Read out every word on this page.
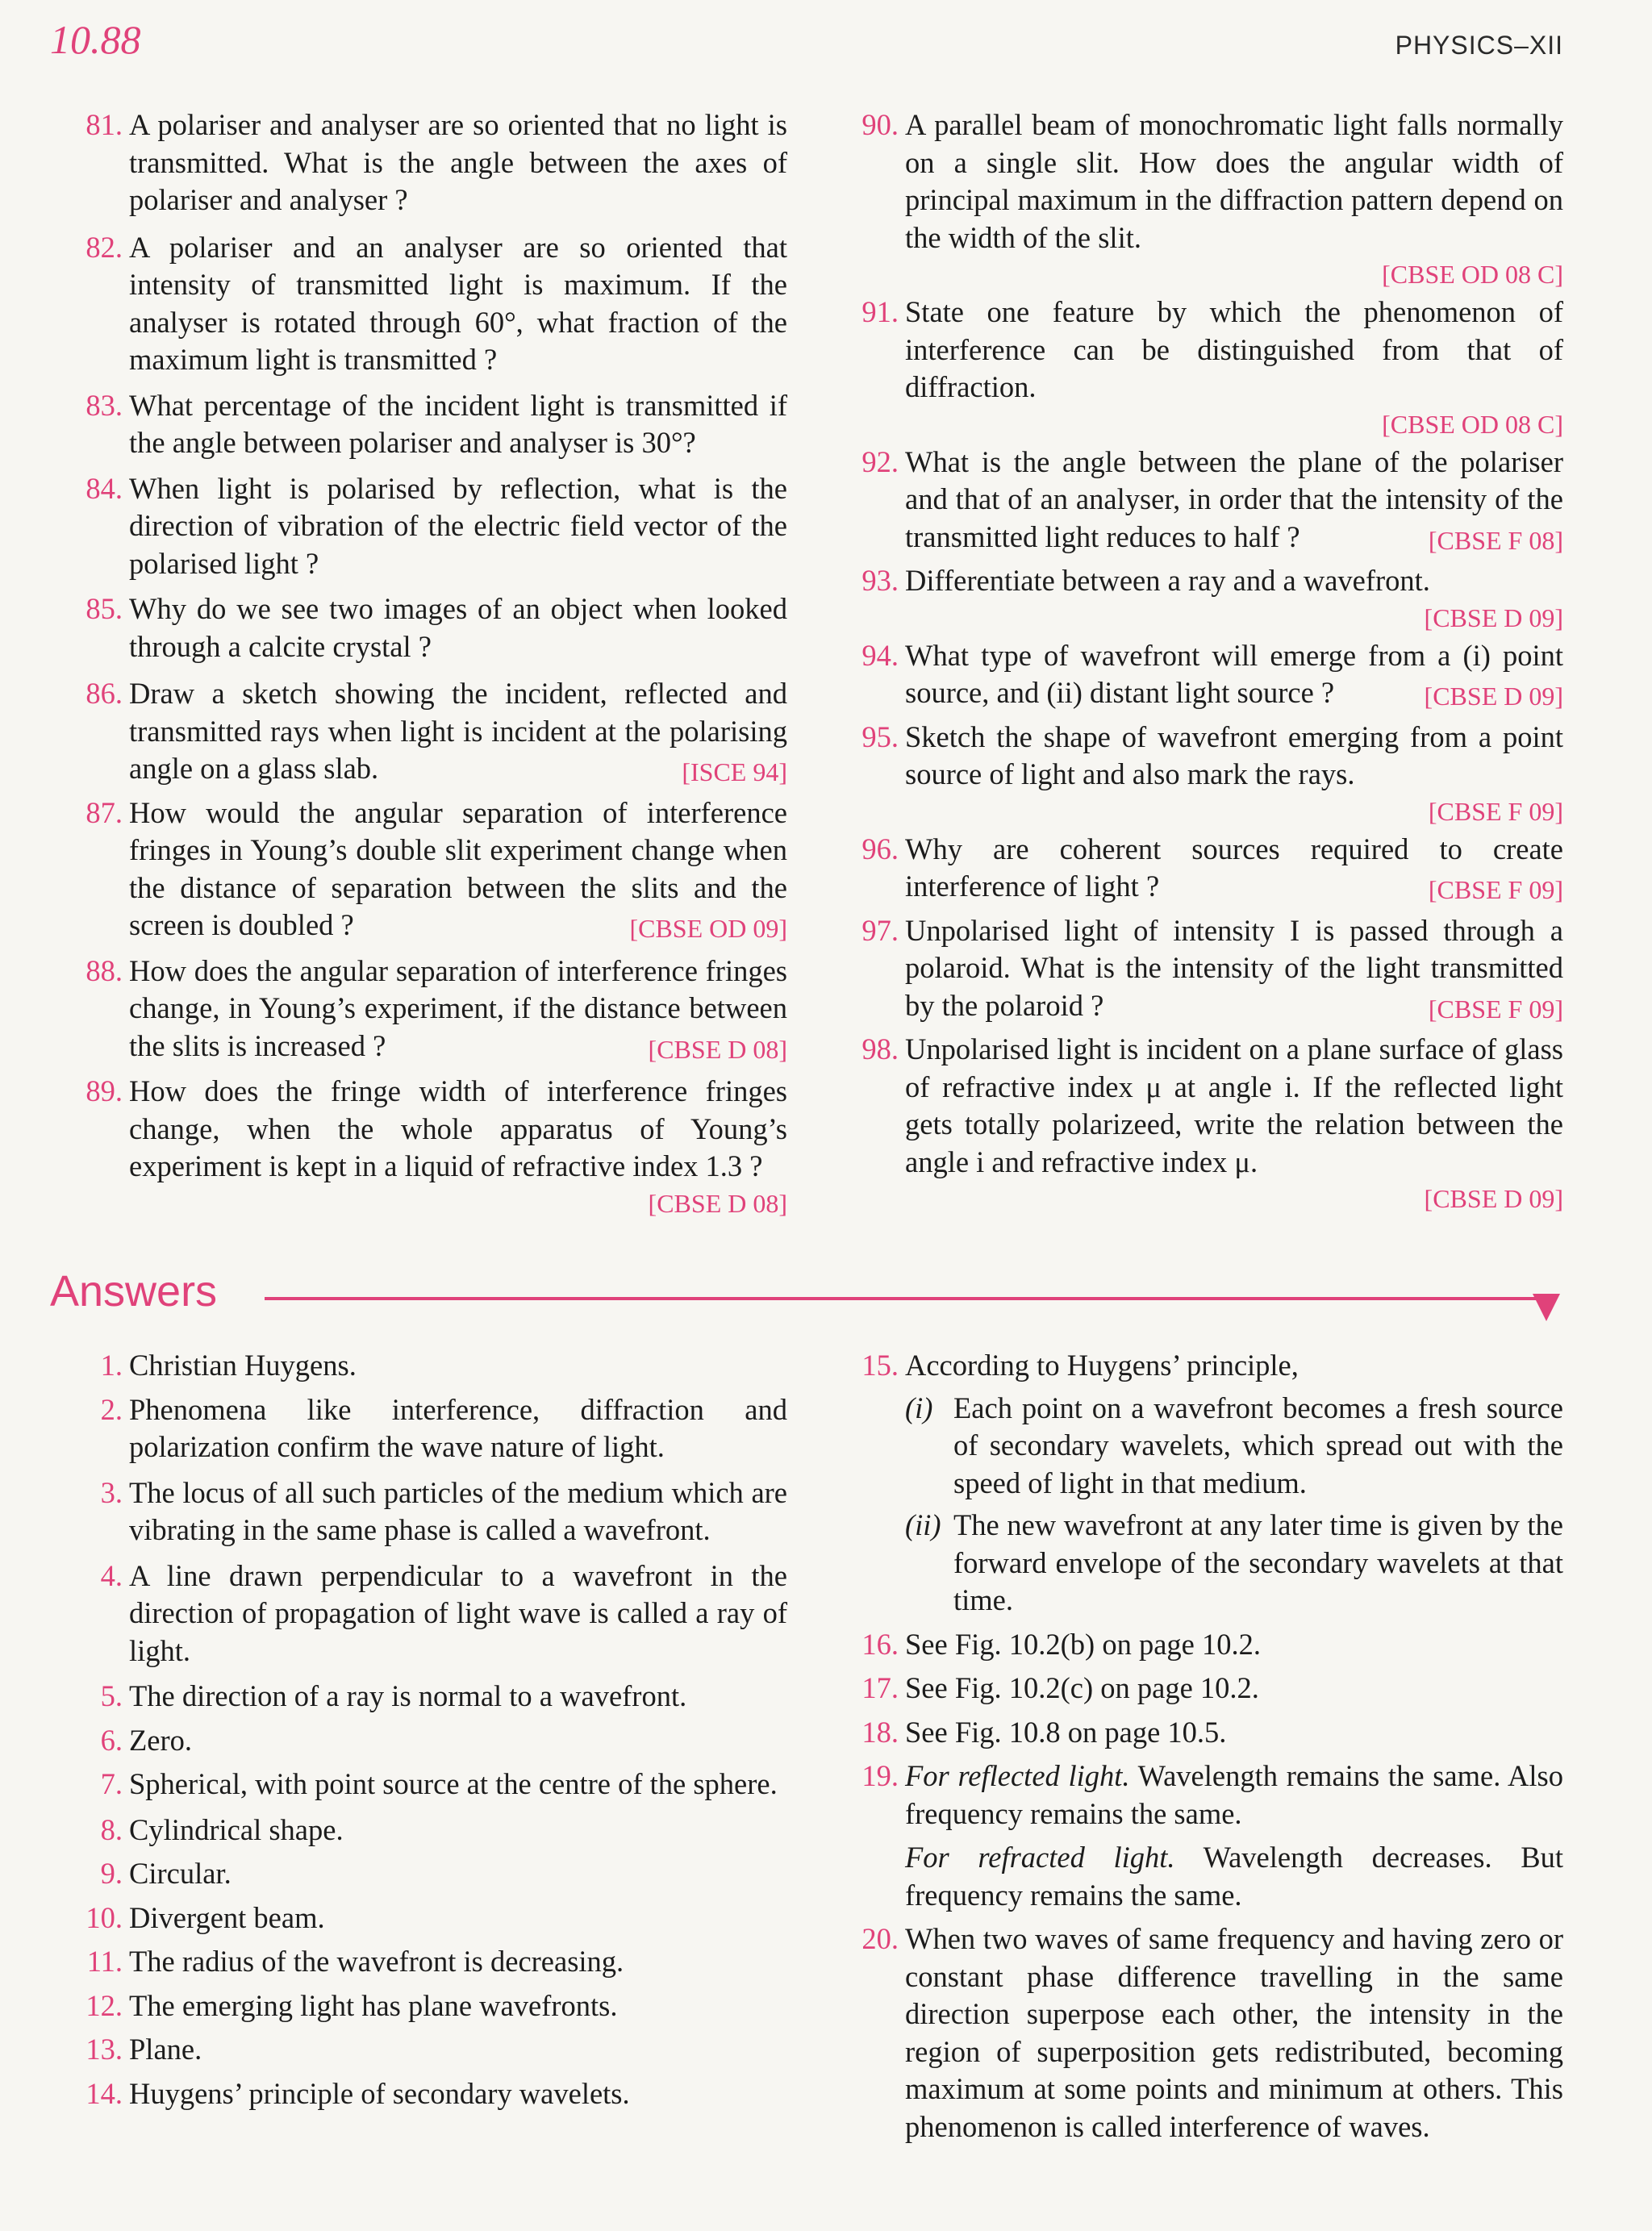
10.88	PHYSICS–XII
81. A polariser and analyser are so oriented that no light is transmitted. What is the angle between the axes of polariser and analyser ?
82. A polariser and an analyser are so oriented that intensity of transmitted light is maximum. If the analyser is rotated through 60°, what fraction of the maximum light is transmitted ?
83. What percentage of the incident light is transmitted if the angle between polariser and analyser is 30°?
84. When light is polarised by reflection, what is the direction of vibration of the electric field vector of the polarised light ?
85. Why do we see two images of an object when looked through a calcite crystal ?
86. Draw a sketch showing the incident, reflected and transmitted rays when light is incident at the polarising angle on a glass slab.	[ISCE 94]
87. How would the angular separation of interference fringes in Young’s double slit experiment change when the distance of separation between the slits and the screen is doubled ?	[CBSE OD 09]
88. How does the angular separation of interference fringes change, in Young’s experiment, if the distance between the slits is increased ?	[CBSE D 08]
89. How does the fringe width of interference fringes change, when the whole apparatus of Young’s experiment is kept in a liquid of refractive index 1.3 ?
[CBSE D 08]
90. A parallel beam of monochromatic light falls normally on a single slit. How does the angular width of principal maximum in the diffraction pattern depend on the width of the slit.
[CBSE OD 08 C]
91. State one feature by which the phenomenon of interference can be distinguished from that of diffraction.
[CBSE OD 08 C]
92. What is the angle between the plane of the polariser and that of an analyser, in order that the intensity of the transmitted light reduces to half ?	[CBSE F 08]
93. Differentiate between a ray and a wavefront.
[CBSE D 09]
94. What type of wavefront will emerge from a (i) point source, and (ii) distant light source ?	[CBSE D 09]
95. Sketch the shape of wavefront emerging from a point source of light and also mark the rays.
[CBSE F 09]
96. Why are coherent sources required to create interference of light ?	[CBSE F 09]
97. Unpolarised light of intensity I is passed through a polaroid. What is the intensity of the light transmitted by the polaroid ?	[CBSE F 09]
98. Unpolarised light is incident on a plane surface of glass of refractive index μ at angle i. If the reflected light gets totally polarizeed, write the relation between the angle i and refractive index μ.
[CBSE D 09]
Answers
1. Christian Huygens.
2. Phenomena like interference, diffraction and polarization confirm the wave nature of light.
3. The locus of all such particles of the medium which are vibrating in the same phase is called a wavefront.
4. A line drawn perpendicular to a wavefront in the direction of propagation of light wave is called a ray of light.
5. The direction of a ray is normal to a wavefront.
6. Zero.
7. Spherical, with point source at the centre of the sphere.
8. Cylindrical shape.
9. Circular.
10. Divergent beam.
11. The radius of the wavefront is decreasing.
12. The emerging light has plane wavefronts.
13. Plane.
14. Huygens’ principle of secondary wavelets.
15. According to Huygens’ principle,
(i) Each point on a wavefront becomes a fresh source of secondary wavelets, which spread out with the speed of light in that medium.
(ii) The new wavefront at any later time is given by the forward envelope of the secondary wavelets at that time.
16. See Fig. 10.2(b) on page 10.2.
17. See Fig. 10.2(c) on page 10.2.
18. See Fig. 10.8 on page 10.5.
19. For reflected light. Wavelength remains the same. Also frequency remains the same.
For refracted light. Wavelength decreases. But frequency remains the same.
20. When two waves of same frequency and having zero or constant phase difference travelling in the same direction superpose each other, the intensity in the region of superposition gets redistributed, becoming maximum at some points and minimum at others. This phenomenon is called interference of waves.
